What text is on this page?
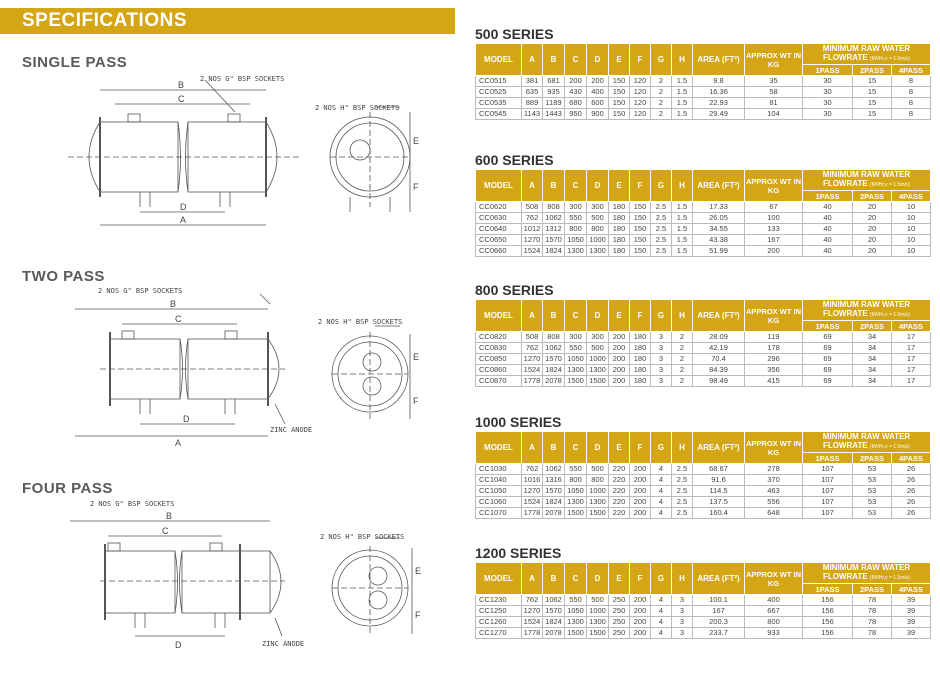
SPECIFICATIONS
SINGLE PASS
2 NOS G" BSP SOCKETS
2 NOS H" BSP SOCKETS
B
C
D
A
E
F
TWO PASS
2 NOS G" BSP SOCKETS
2 NOS H" BSP SOCKETS
ZINC ANODE
B
C
D
A
E
F
FOUR PASS
2 NOS G" BSP SOCKETS
2 NOS H" BSP SOCKETS
ZINC ANODE
B
C
D
E
F
500 SERIES
MODEL	A	B	C	D	E	F	G	H	AREA (FT²)	APPROX WT IN KG	MINIMUM RAW WATER
FLOWRATE (M³/Hr,v = 1.5m/s)		

											1PASS	2PASS	4PASS
CC0515	381	681	200	200	150	120	2	1.5	9.8	35	30	15	8
CC0525	635	935	430	400	150	120	2	1.5	16.36	58	30	15	8
CC0535	889	1189	680	600	150	120	2	1.5	22.93	81	30	15	8
CC0545	1143	1443	950	900	150	120	2	1.5	29.49	104	30	15	8
600 SERIES
MODEL	A	B	C	D	E	F	G	H	AREA (FT²)	APPROX WT IN KG	MINIMUM RAW WATER
FLOWRATE (M³/Hr,v = 1.5m/s)		

											1PASS	2PASS	4PASS
CC0620	508	808	300	300	180	150	2.5	1.5	17.33	67	40	20	10
CC0630	762	1062	550	500	180	150	2.5	1.5	26.05	100	40	20	10
CC0640	1012	1312	800	800	180	150	2.5	1.5	34.55	133	40	20	10
CC0650	1270	1570	1050	1000	180	150	2.5	1.5	43.38	167	40	20	10
CC0660	1524	1824	1300	1300	180	150	2.5	1.5	51.99	200	40	20	10
800 SERIES
MODEL	A	B	C	D	E	F	G	H	AREA (FT²)	APPROX WT IN KG	MINIMUM RAW WATER
FLOWRATE (M³/Hr,v = 1.5m/s)		

											1PASS	2PASS	4PASS
CC0820	508	808	300	300	200	180	3	2	28.09	119	69	34	17
CC0830	762	1062	550	500	200	180	3	2	42.19	178	69	34	17
CC0850	1270	1570	1050	1000	200	180	3	2	70.4	296	69	34	17
CC0860	1524	1824	1300	1300	200	180	3	2	84.39	356	69	34	17
CC0870	1778	2078	1500	1500	200	180	3	2	98.49	415	69	34	17
1000 SERIES
MODEL	A	B	C	D	E	F	G	H	AREA (FT²)	APPROX WT IN KG	MINIMUM RAW WATER
FLOWRATE (M³/Hr,v = 1.5m/s)		

											1PASS	2PASS	4PASS
CC1030	762	1062	550	500	220	200	4	2.5	68.67	278	107	53	26
CC1040	1016	1316	800	800	220	200	4	2.5	91.6	370	107	53	26
CC1050	1270	1570	1050	1000	220	200	4	2.5	114.5	463	107	53	26
CC1060	1524	1824	1300	1300	220	200	4	2.5	137.5	556	107	53	26
CC1070	1778	2078	1500	1500	220	200	4	2.5	160.4	648	107	53	26
1200 SERIES
MODEL	A	B	C	D	E	F	G	H	AREA (FT²)	APPROX WT IN KG	MINIMUM RAW WATER
FLOWRATE (M³/Hr,v = 1.5m/s)		

											1PASS	2PASS	4PASS
CC1230	762	1062	550	500	250	200	4	3	100.1	400	156	78	39
CC1250	1270	1570	1050	1000	250	200	4	3	167	667	156	78	39
CC1260	1524	1824	1300	1300	250	200	4	3	200.3	800	156	78	39
CC1270	1778	2078	1500	1500	250	200	4	3	233.7	933	156	78	39
